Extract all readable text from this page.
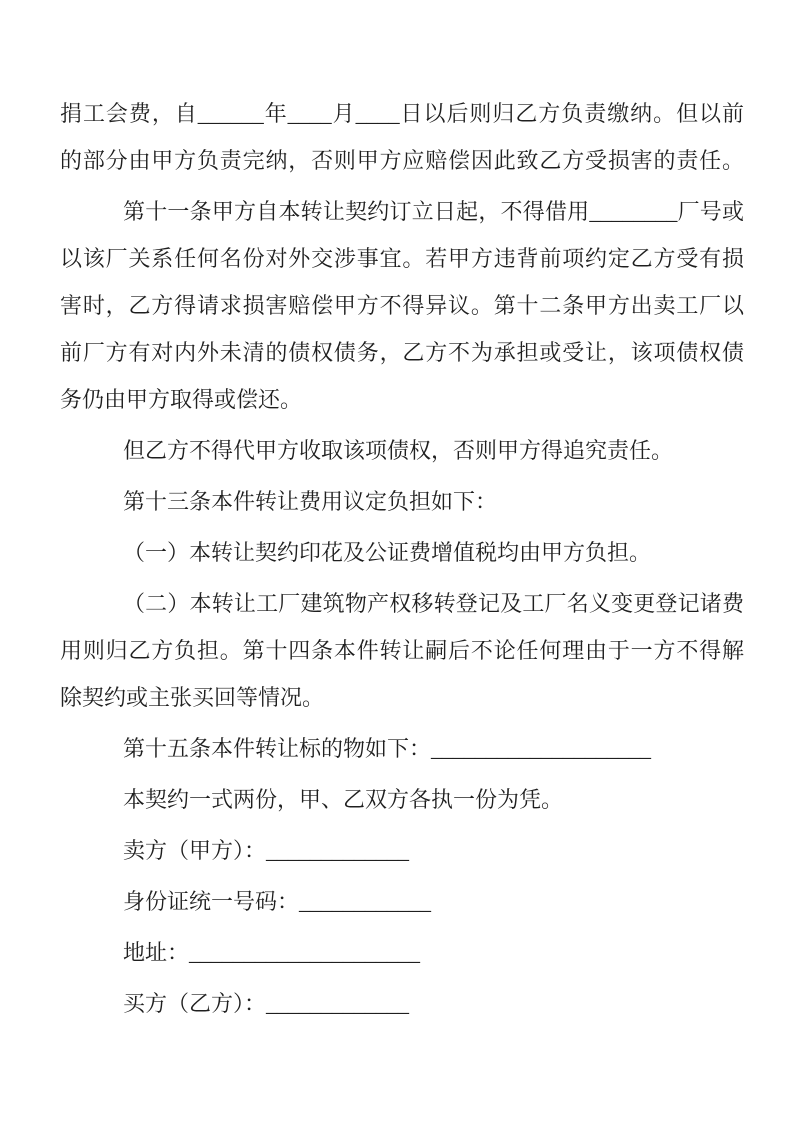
捐工会费，自______年____月____日以后则归乙方负责缴纳。但以前
的部分由甲方负责完纳，否则甲方应赔偿因此致乙方受损害的责任。
第十一条甲方自本转让契约订立日起，不得借用________厂号或
以该厂关系任何名份对外交涉事宜。若甲方违背前项约定乙方受有损
害时，乙方得请求损害赔偿甲方不得异议。第十二条甲方出卖工厂以
前厂方有对内外未清的债权债务，乙方不为承担或受让，该项债权债
务仍由甲方取得或偿还。
但乙方不得代甲方收取该项债权，否则甲方得追究责任。
第十三条本件转让费用议定负担如下：
（一）本转让契约印花及公证费增值税均由甲方负担。
（二）本转让工厂建筑物产权移转登记及工厂名义变更登记诸费
用则归乙方负担。第十四条本件转让嗣后不论任何理由于一方不得解
除契约或主张买回等情况。
第十五条本件转让标的物如下：____________________
本契约一式两份，甲、乙双方各执一份为凭。
卖方（甲方）：_____________
身份证统一号码：____________
地址：_____________________
买方（乙方）：_____________
